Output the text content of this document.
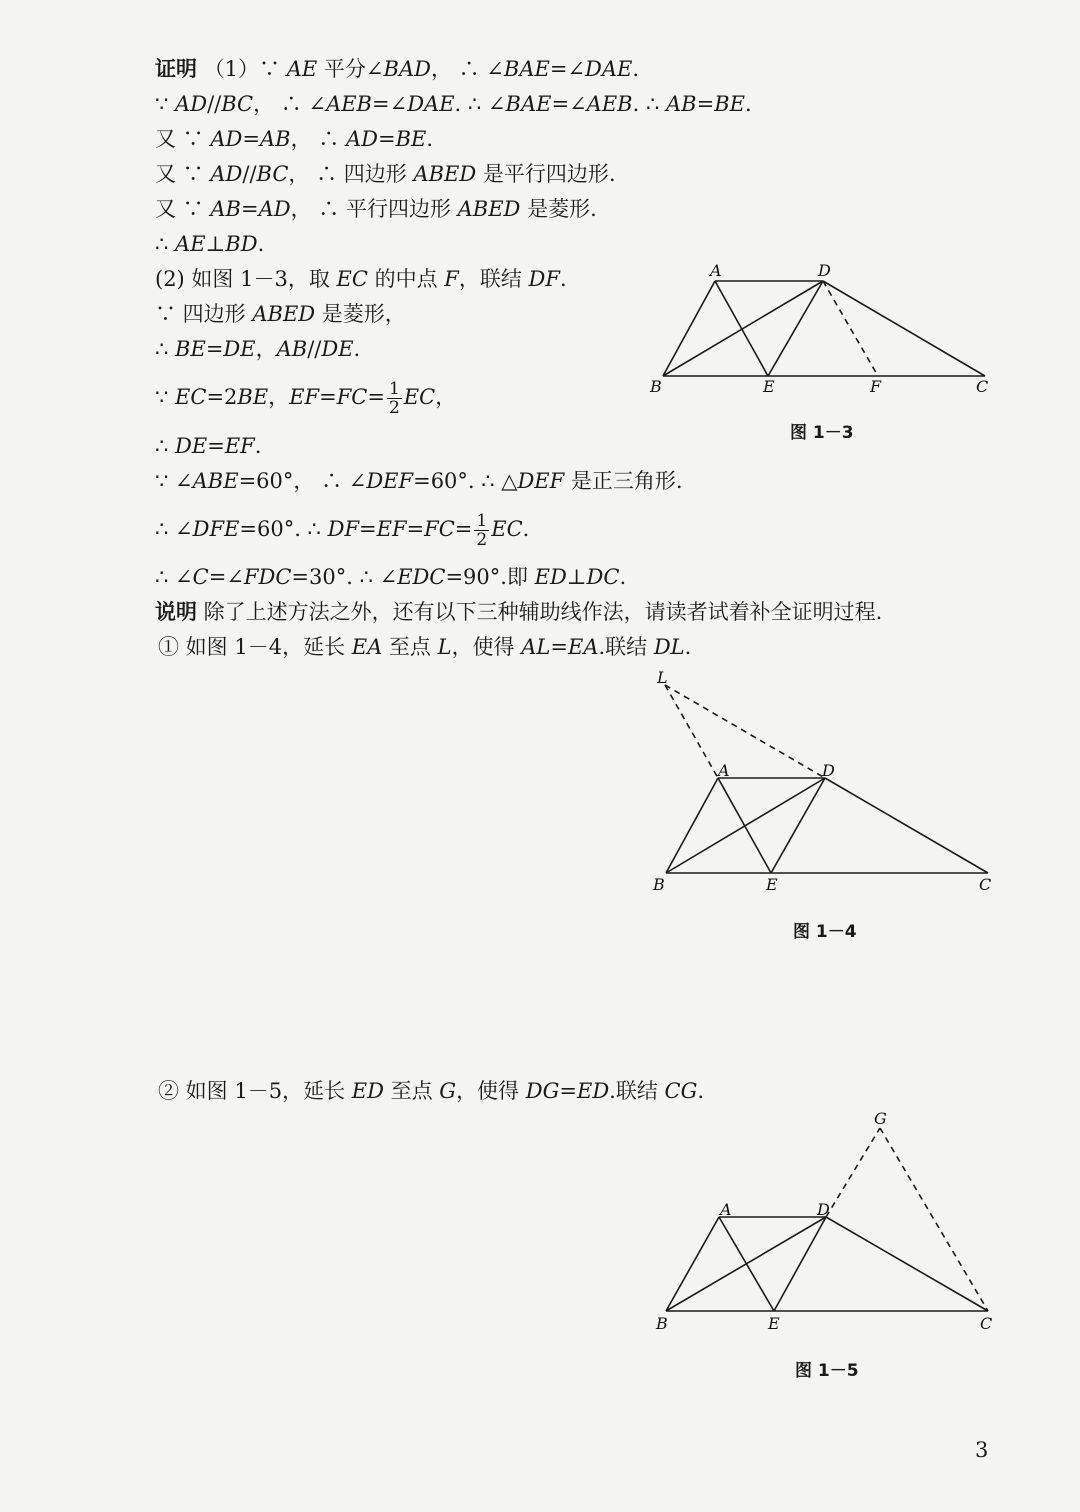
证明 （1）∵ AE 平分∠BAD， ∴ ∠BAE=∠DAE.
∵ AD//BC， ∴ ∠AEB=∠DAE. ∴ ∠BAE=∠AEB. ∴ AB=BE.
又 ∵ AD=AB， ∴ AD=BE.
又 ∵ AD//BC， ∴ 四边形 ABED 是平行四边形.
又 ∵ AB=AD， ∴ 平行四边形 ABED 是菱形.
∴ AE⊥BD.
(2) 如图 1－3，取 EC 的中点 F，联结 DF.
∵ 四边形 ABED 是菱形，
∴ BE=DE，AB//DE.
∵ EC=2BE，$EF=FC= \frac{1}{2}$ EC，
∴ DE=EF.
∵ ∠ABE=60°， ∴ ∠DEF=60°. ∴ △DEF 是正三角形.
∴ ∠DFE=60°. ∴ $DF=EF=FC= \frac{1}{2}$ EC.
∴ ∠C=∠FDC=30°. ∴ ∠EDC=90°.即 ED⊥DC.
说明 除了上述方法之外，还有以下三种辅助线作法，请读者试着补全证明过程.
① 如图 1－4，延长 EA 至点 L，使得 AL=EA.联结 DL.
② 如图 1－5，延长 ED 至点 G，使得 DG=ED.联结 CG.
A	D
B	E	F	C
图 1－3
L
A	D
B	E	C
图 1－4
G
A	D
B	E	C
图 1－5
3
